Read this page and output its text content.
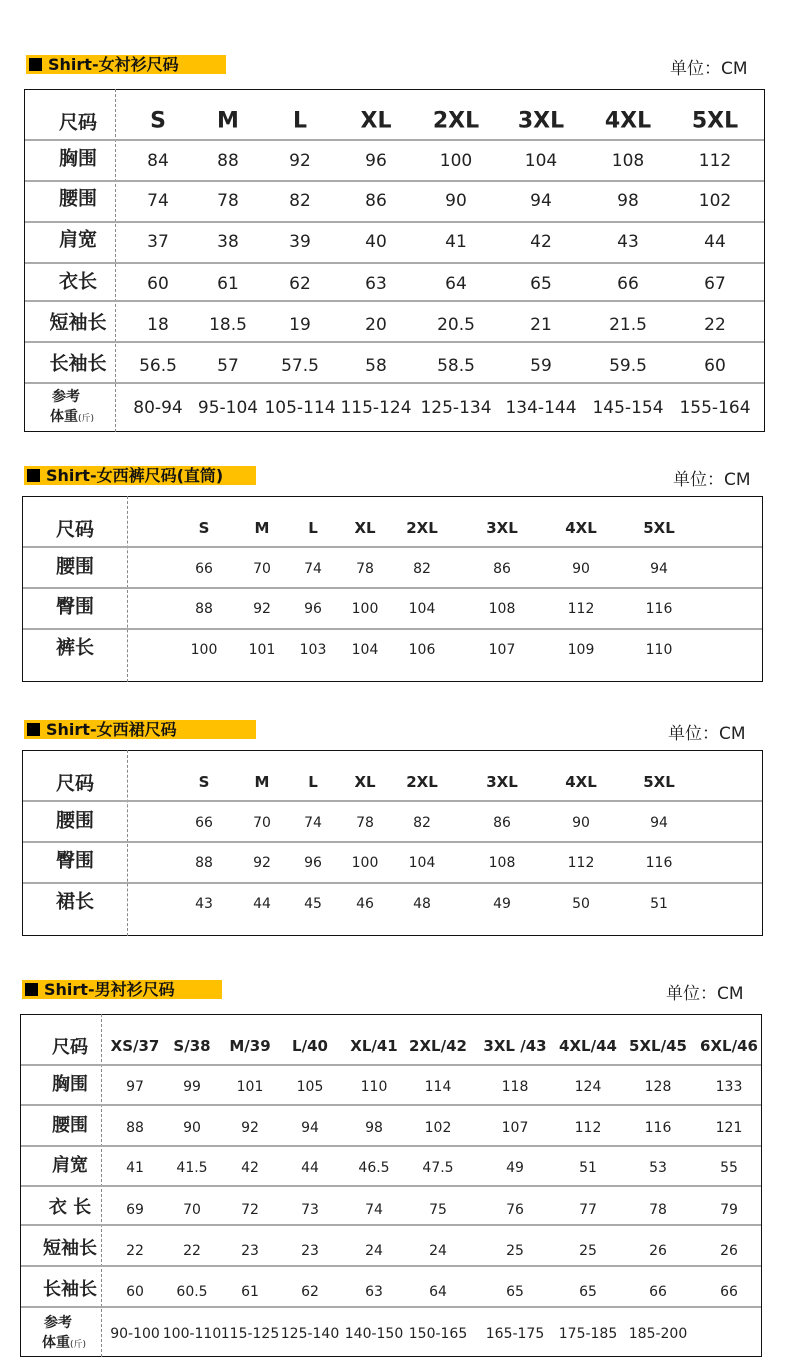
Shirt-女衬衫尺码	单位：CM
尺码 S M L XL 2XL 3XL 4XL 5XL
胸围	84	88	92	96	100	104	108	112
腰围	74	78	82	86	90	94	98	102
肩宽	37	38	39	40	41	42	43	44
衣长	60	61	62	63	64	65	66	67
短袖长 18 18.5 19	20	20.5	21	21.5	22
长袖长 56.5 57 57.5	58	58.5	59	59.5	60
参考
体重(斤)
80-94 95-104 105-114 115-124 125-134 134-144 145-154 155-164
Shirt-女西裤尺码(直筒)	单位：CM
尺码	S	M	L XL 2XL	3XL	4XL	5XL
腰围	66	70 74 78	82	86	90	94
臀围	88	92 96 100 104	108	112	116
裤长	100 101 103 104 106	107	109	110
Shirt-女西裙尺码	单位：CM
尺码	S	M	L XL 2XL	3XL	4XL	5XL
腰围	66	70 74 78	82	86	90	94
臀围	88	92 96 100 104	108	112	116
裙长	43	44 45 46	48	49	50	51
Shirt-男衬衫尺码	单位：CM
尺码 XS/37 S/38 M/39 L/40 XL/41 2XL/42 3XL /43 4XL/44 5XL/45 6XL/46
胸围	97	99	101 105	110	114	118	124	128	133
腰围	88	90	92	94	98	102	107	112	116	121
肩宽	41 41.5 42	44	46.5 47.5	49	51	53	55
衣 长 69	70	72	73	74	75	76	77	78	79
短袖长 22	22	23	23	24	24	25	25	26	26
长袖长 60 60.5 61	62	63	64	65	65	66	66
参考
体重(斤)
90-100 100-110 115-125 125-140 140-150 150-165 165-175 175-185 185-200
